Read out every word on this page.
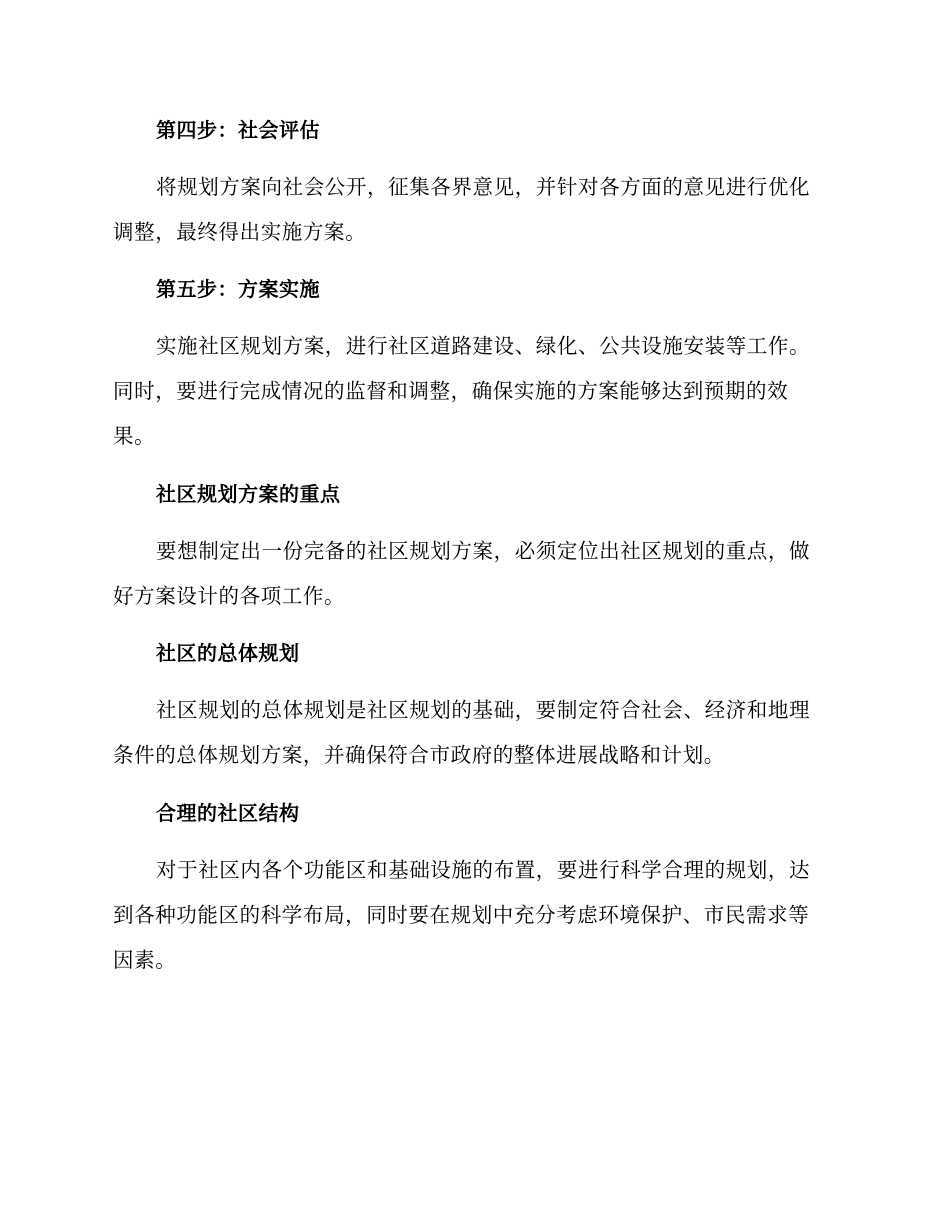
第四步：社会评估
将规划方案向社会公开，征集各界意见，并针对各方面的意见进行优化
调整，最终得出实施方案。
第五步：方案实施
实施社区规划方案，进行社区道路建设、绿化、公共设施安装等工作。
同时，要进行完成情况的监督和调整，确保实施的方案能够达到预期的效
果。
社区规划方案的重点
要想制定出一份完备的社区规划方案，必须定位出社区规划的重点，做
好方案设计的各项工作。
社区的总体规划
社区规划的总体规划是社区规划的基础，要制定符合社会、经济和地理
条件的总体规划方案，并确保符合市政府的整体进展战略和计划。
合理的社区结构
对于社区内各个功能区和基础设施的布置，要进行科学合理的规划，达
到各种功能区的科学布局，同时要在规划中充分考虑环境保护、市民需求等
因素。
